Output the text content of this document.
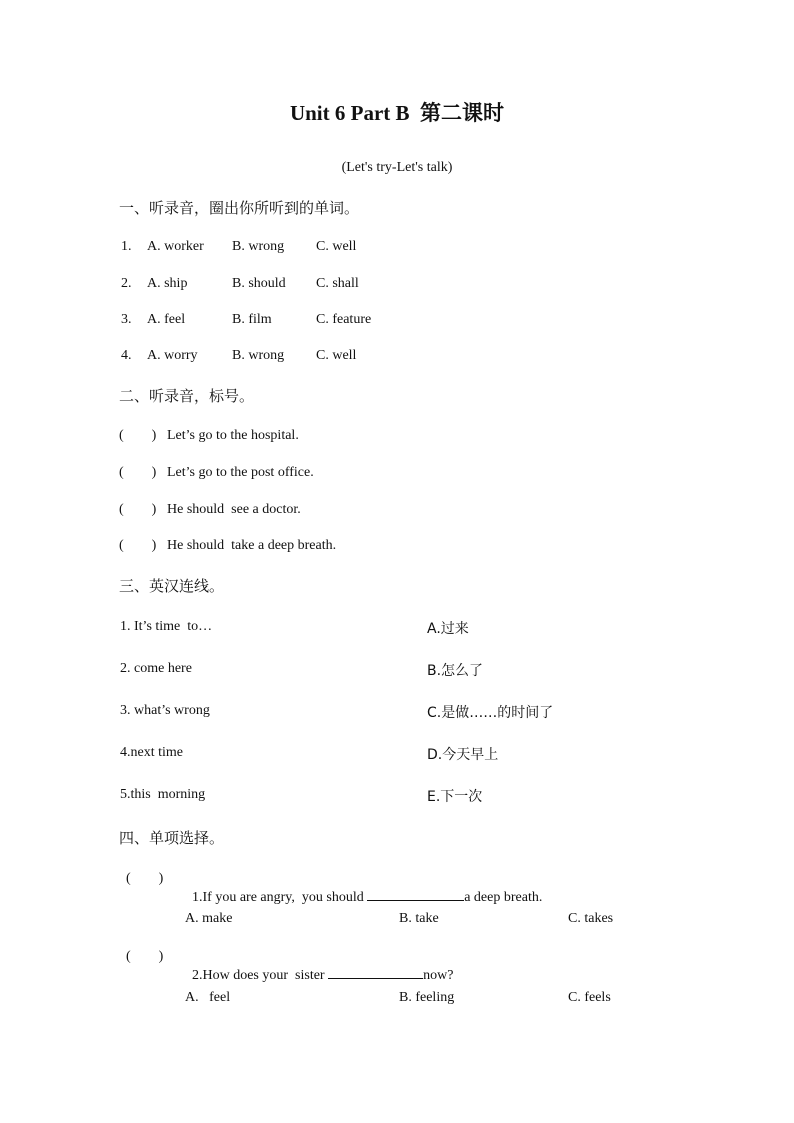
Unit 6 Part B  第二课时
(Let's try-Let's talk)
一、听录音，圈出你所听到的单词。
1. A. worker B. wrong C. well
2. A. ship	B. should C. shall
3. A. feel	B. film	C. feature
4. A. worry B. wrong C. well
二、听录音，标号。
(        ) Let’s go to the hospital.
(        ) Let’s go to the post office.
(        ) He should  see a doctor.
(        ) He should  take a deep breath.
三、英汉连线。
1. It’s time  to…	A.过来
2. come here	B.怎么了
3. what’s wrong	C.是做……的时间了
4.next time	D.今天早上
5.this  morning	E.下一次
四、单项选择。
(        )

1.If you are angry,  you should	a deep breath.

A. make	B. take	C. takes
(        )

2.How does your  sister	now?

A.   feel	B. feeling	C. feels
